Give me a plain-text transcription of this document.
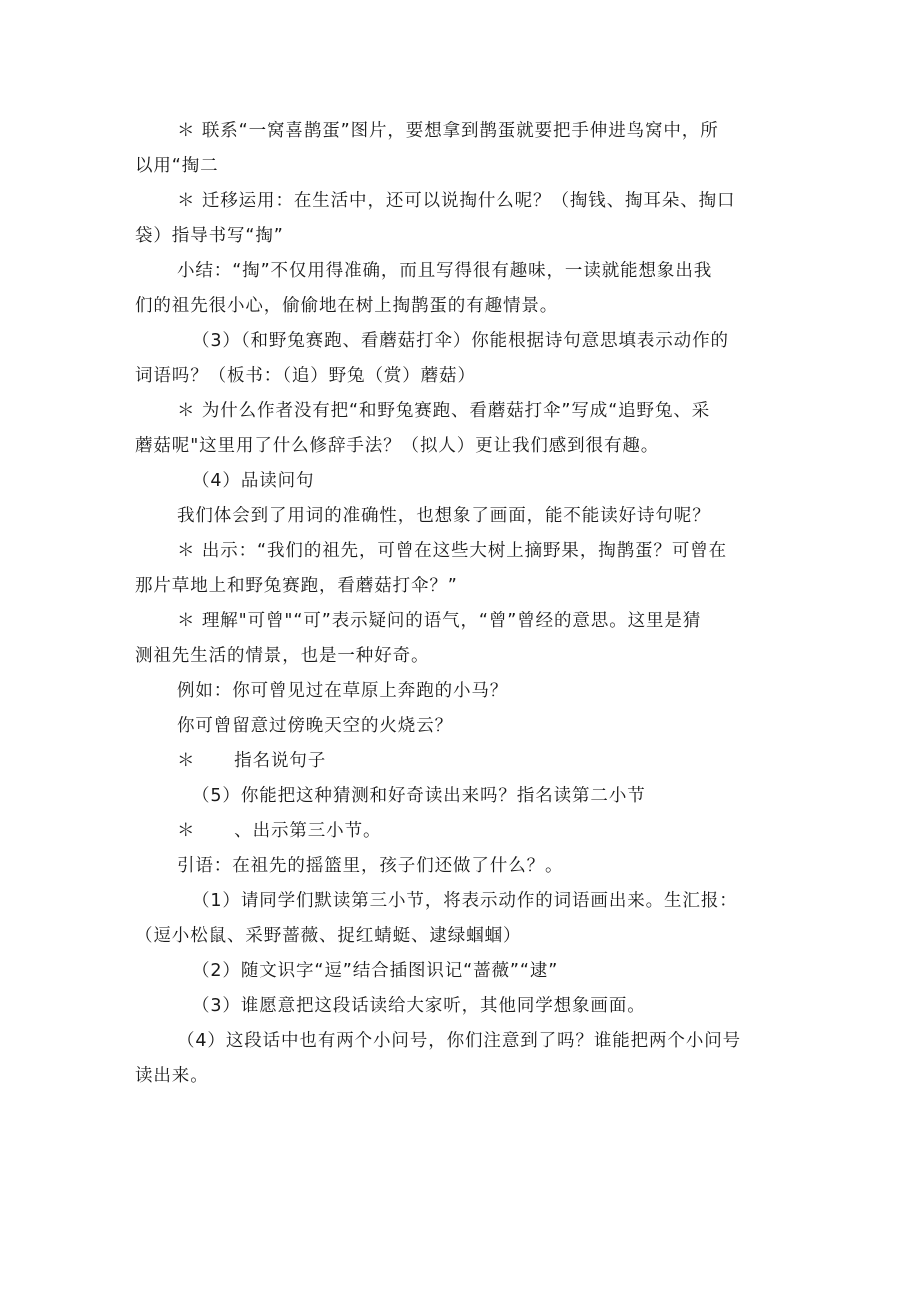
＊ 联系“一窝喜鹊蛋”图片，要想拿到鹊蛋就要把手伸进鸟窝中，所
以用“掏二
＊ 迁移运用：在生活中，还可以说掏什么呢？（掏钱、掏耳朵、掏口
袋）指导书写“掏”
小结：“掏”不仅用得准确，而且写得很有趣味，一读就能想象出我
们的祖先很小心，偷偷地在树上掏鹊蛋的有趣情景。
（3）（和野兔赛跑、看蘑菇打伞）你能根据诗句意思填表示动作的
词语吗？（板书：（追）野兔（赏）蘑菇）
＊ 为什么作者没有把“和野兔赛跑、看蘑菇打伞”写成“追野兔、采
蘑菇呢"这里用了什么修辞手法？（拟人）更让我们感到很有趣。
（4）品读问句
我们体会到了用词的准确性，也想象了画面，能不能读好诗句呢？
＊ 出示：“我们的祖先，可曾在这些大树上摘野果，掏鹊蛋？可曾在
那片草地上和野兔赛跑，看蘑菇打伞？”
＊ 理解"可曾"“可”表示疑问的语气，“曾”曾经的意思。这里是猜
测祖先生活的情景，也是一种好奇。
例如：你可曾见过在草原上奔跑的小马？
你可曾留意过傍晚天空的火烧云？
＊      指名说句子
（5）你能把这种猜测和好奇读出来吗？指名读第二小节
＊      、出示第三小节。
引语：在祖先的摇篮里，孩子们还做了什么？。
（1）请同学们默读第三小节，将表示动作的词语画出来。生汇报：
（逗小松鼠、采野蔷薇、捉红蜻蜓、逮绿蝈蝈）
（2）随文识字“逗”结合插图识记“蔷薇”“逮”
（3）谁愿意把这段话读给大家听，其他同学想象画面。
（4）这段话中也有两个小问号，你们注意到了吗？谁能把两个小问号
读出来。
